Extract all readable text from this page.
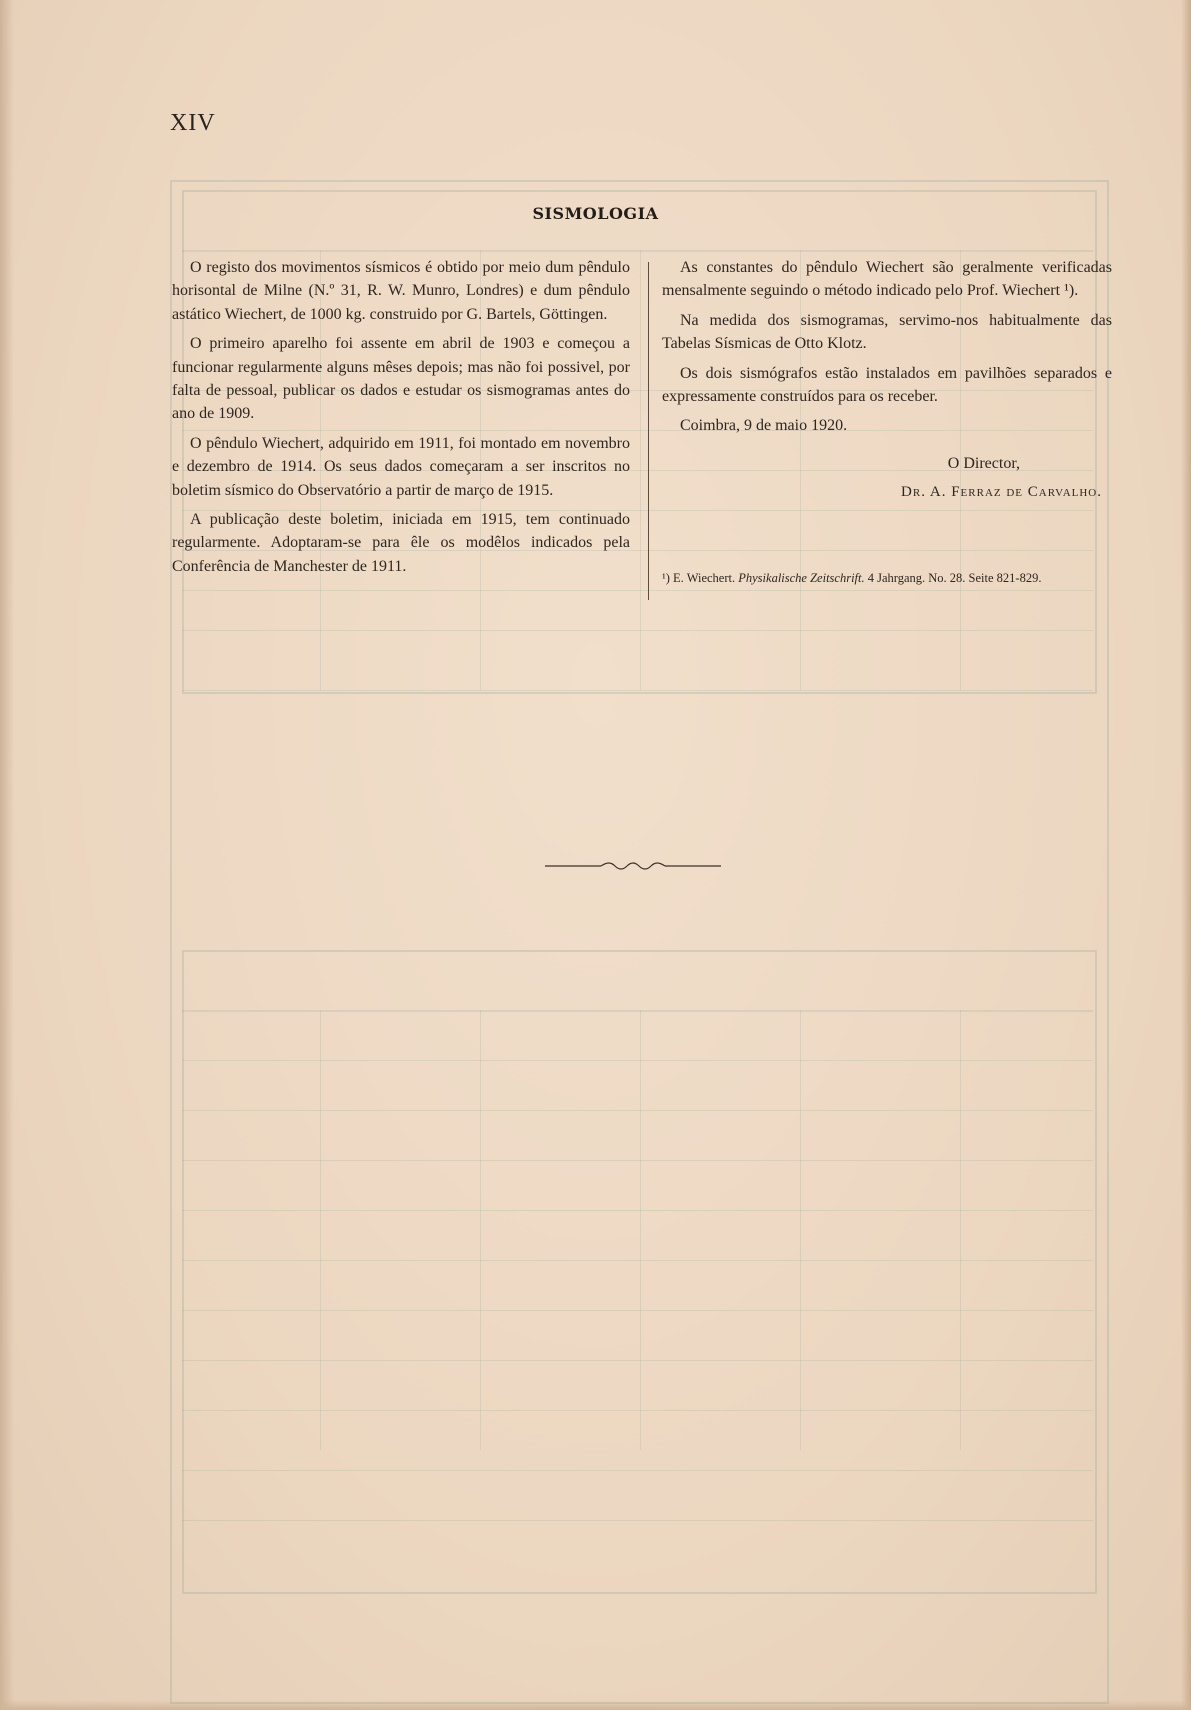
XIV
SISMOLOGIA

O registo dos movimentos sísmicos é obtido por meio dum pêndulo horisontal de Milne (N.º 31, R. W. Munro, Londres) e dum pêndulo astático Wiechert, de 1000 kg. construido por G. Bartels, Göttingen.

O primeiro aparelho foi assente em abril de 1903 e começou a funcionar regularmente alguns mêses depois; mas não foi possivel, por falta de pessoal, publicar os dados e estudar os sismogramas antes do ano de 1909.

O pêndulo Wiechert, adquirido em 1911, foi montado em novembro e dezembro de 1914. Os seus dados começaram a ser inscritos no boletim sísmico do Observatório a partir de março de 1915.

A publicação deste boletim, iniciada em 1915, tem continuado regularmente. Adoptaram-se para êle os modêlos indicados pela Conferência de Manchester de 1911.

As constantes do pêndulo Wiechert são geralmente verificadas mensalmente seguindo o método indicado pelo Prof. Wiechert ¹).

Na medida dos sismogramas, servimo-nos habitualmente das Tabelas Sísmicas de Otto Klotz.

Os dois sismógrafos estão instalados em pavilhões separados e expressamente construídos para os receber.

Coimbra, 9 de maio 1920.

O Director,
Dr. A. Ferraz de Carvalho.
¹) E. Wiechert. Physikalische Zeitschrift. 4 Jahrgang. No. 28. Seite 821-829.
